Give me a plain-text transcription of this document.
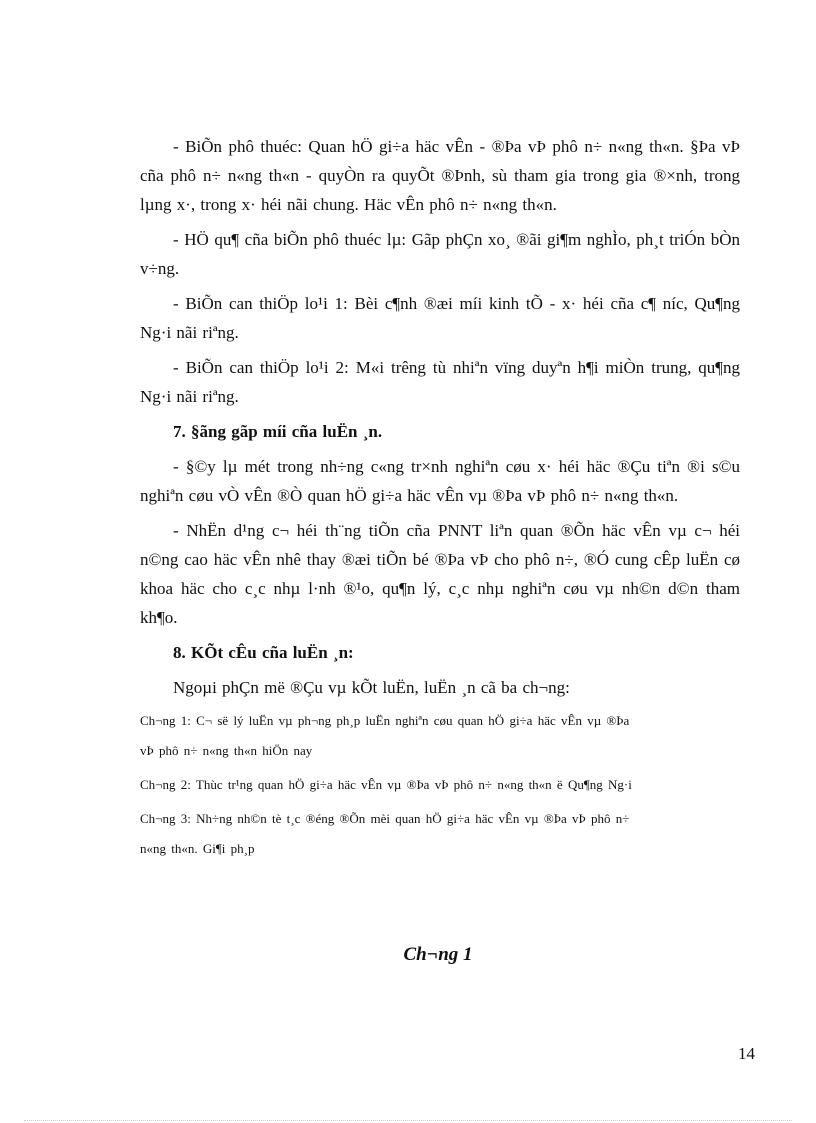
- BiÕn phô thuéc: Quan hÖ gi÷a häc vÊn - ®Þa vÞ phô n÷ n«ng th«n. §Þa vÞ cña phô n÷ n«ng th«n - quyÒn ra quyÕt ®Þnh, sù tham gia trong gia ®×nh, trong lµng x·, trong x· héi nãi chung. Häc vÊn phô n÷ n«ng th«n.

- HÖ qu¶ cña biÕn phô thuéc lµ: Gãp phÇn xo¸ ®ãi gi¶m nghÌo, ph¸t triÓn bÒn v÷ng.

- BiÕn can thiÖp lo¹i 1: Bèi c¶nh ®æi míi kinh tÕ - x· héi cña c¶ níc, Qu¶ng Ng·i nãi riªng.

- BiÕn can thiÖp lo¹i 2: M«i trêng tù nhiªn vïng duyªn h¶i miÒn trung, qu¶ng Ng·i nãi riªng.

7. §ãng gãp míi cña luËn ¸n.

- §©y lµ mét trong nh÷ng c«ng tr×nh nghiªn cøu x· héi häc ®Çu tiªn ®i s©u nghiªn cøu vÒ vÊn ®Ò quan hÖ gi÷a häc vÊn vµ ®Þa vÞ phô n÷ n«ng th«n.

- NhËn d¹ng c¬ héi th¨ng tiÕn cña PNNT liªn quan ®Õn häc vÊn vµ c¬ héi n©ng cao häc vÊn nhê thay ®æi tiÕn bé ®Þa vÞ cho phô n÷, ®Ó cung cÊp luËn cø khoa häc cho c¸c nhµ l·nh ®¹o, qu¶n lý, c¸c nhµ nghiªn cøu vµ nh©n d©n tham kh¶o.

8. KÕt cÊu cña luËn ¸n:

Ngoµi phÇn më ®Çu vµ kÕt luËn, luËn ¸n cã ba ch¬ng:

Ch¬ng 1: C¬ së lý luËn vµ ph¬ng ph¸p luËn nghiªn cøu quan hÖ gi÷a häc vÊn vµ ®Þa

vÞ phô n÷ n«ng th«n hiÖn nay

Ch¬ng 2: Thùc tr¹ng quan hÖ gi÷a häc vÊn vµ ®Þa vÞ phô n÷ n«ng th«n ë Qu¶ng Ng·i

Ch¬ng 3: Nh÷ng nh©n tè t¸c ®éng ®Õn mèi quan hÖ gi÷a häc vÊn vµ ®Þa vÞ phô n÷

n«ng th«n. Gi¶i ph¸p

Ch¬ng 1
14
